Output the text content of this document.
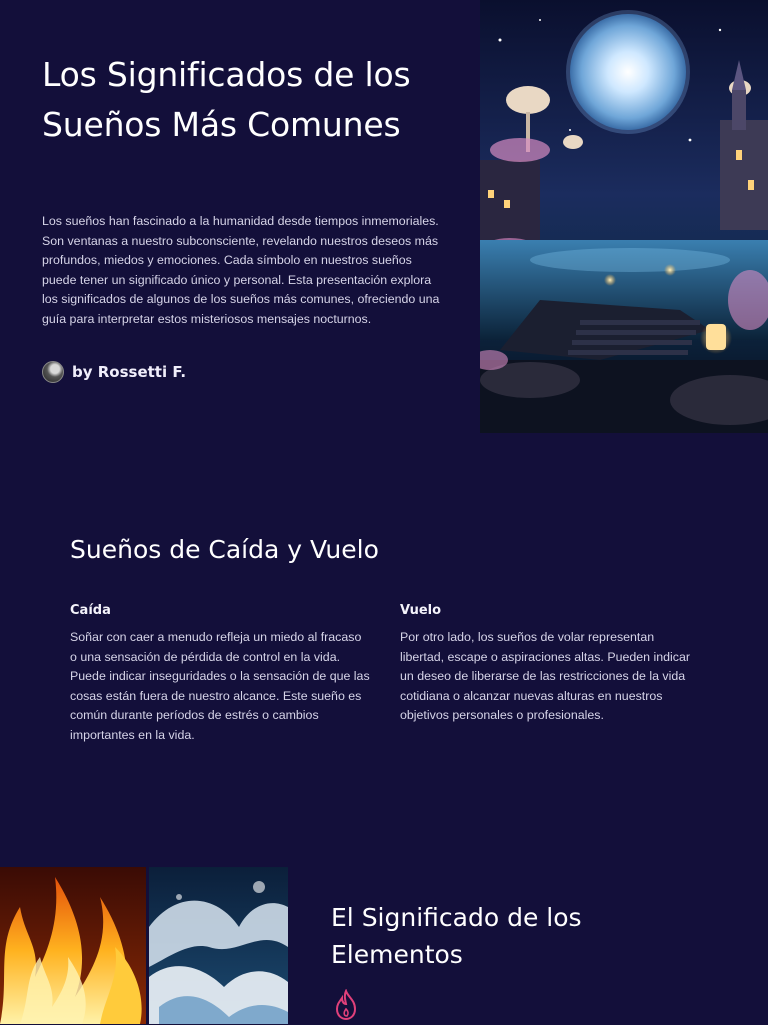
Los Significados de los Sueños Más Comunes

Los sueños han fascinado a la humanidad desde tiempos inmemoriales. Son ventanas a nuestro subconsciente, revelando nuestros deseos más profundos, miedos y emociones. Cada símbolo en nuestros sueños puede tener un significado único y personal. Esta presentación explora los significados de algunos de los sueños más comunes, ofreciendo una guía para interpretar estos misteriosos mensajes nocturnos.

by Rossetti F.
Sueños de Caída y Vuelo
Caída

Soñar con caer a menudo refleja un miedo al fracaso o una sensación de pérdida de control en la vida. Puede indicar inseguridades o la sensación de que las cosas están fuera de nuestro alcance. Este sueño es común durante períodos de estrés o cambios importantes en la vida.

Vuelo

Por otro lado, los sueños de volar representan libertad, escape o aspiraciones altas. Pueden indicar un deseo de liberarse de las restricciones de la vida cotidiana o alcanzar nuevas alturas en nuestros objetivos personales o profesionales.

El Significado de los Elementos
